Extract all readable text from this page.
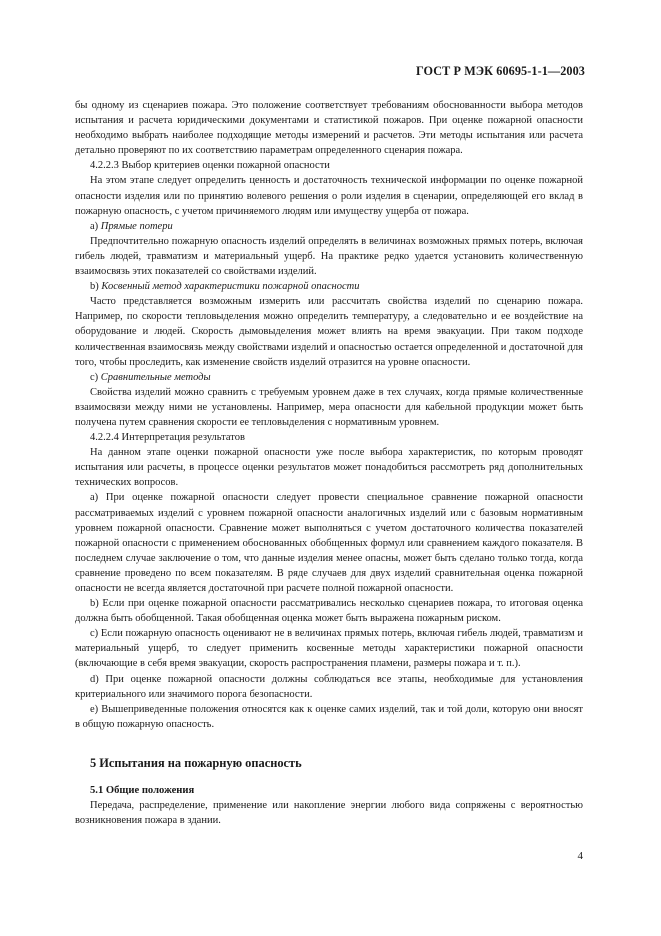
ГОСТ Р МЭК 60695-1-1—2003

бы одному из сценариев пожара. Это положение соответствует требованиям обоснованности выбора методов испытания и расчета юридическими документами и статистикой пожаров. При оценке пожарной опасности необходимо выбрать наиболее подходящие методы измерений и расчетов. Эти методы испытания или расчета детально проверяют по их соответствию параметрам определенного сценария пожара.

4.2.2.3 Выбор критериев оценки пожарной опасности

На этом этапе следует определить ценность и достаточность технической информации по оценке пожарной опасности изделия или по принятию волевого решения о роли изделия в сценарии, определяющей его вклад в пожарную опасность, с учетом причиняемого людям или имуществу ущерба от пожара.

а) Прямые потери

Предпочтительно пожарную опасность изделий определять в величинах возможных прямых потерь, включая гибель людей, травматизм и материальный ущерб. На практике редко удается установить количественную взаимосвязь этих показателей со свойствами изделий.

b) Косвенный метод характеристики пожарной опасности

Часто представляется возможным измерить или рассчитать свойства изделий по сценарию пожара. Например, по скорости тепловыделения можно определить температуру, а следовательно и ее воздействие на оборудование и людей. Скорость дымовыделения может влиять на время эвакуации. При таком подходе количественная взаимосвязь между свойствами изделий и опасностью остается определенной и достаточной для того, чтобы проследить, как изменение свойств изделий отразится на уровне опасности.

с) Сравнительные методы

Свойства изделий можно сравнить с требуемым уровнем даже в тех случаях, когда прямые количественные взаимосвязи между ними не установлены. Например, мера опасности для кабельной продукции может быть получена путем сравнения скорости ее тепловыделения с нормативным уровнем.

4.2.2.4 Интерпретация результатов

На данном этапе оценки пожарной опасности уже после выбора характеристик, по которым проводят испытания или расчеты, в процессе оценки результатов может понадобиться рассмотреть ряд дополнительных технических вопросов.

а) При оценке пожарной опасности следует провести специальное сравнение пожарной опасности рассматриваемых изделий с уровнем пожарной опасности аналогичных изделий или с базовым нормативным уровнем пожарной опасности. Сравнение может выполняться с учетом достаточного количества показателей пожарной опасности с применением обоснованных обобщенных формул или сравнением каждого показателя. В последнем случае заключение о том, что данные изделия менее опасны, может быть сделано только тогда, когда сравнение проведено по всем показателям. В ряде случаев для двух изделий сравнительная оценка пожарной опасности не всегда является достаточной при расчете полной пожарной опасности.

b) Если при оценке пожарной опасности рассматривались несколько сценариев пожара, то итоговая оценка должна быть обобщенной. Такая обобщенная оценка может быть выражена пожарным риском.

с) Если пожарную опасность оценивают не в величинах прямых потерь, включая гибель людей, травматизм и материальный ущерб, то следует применить косвенные методы характеристики пожарной опасности (включающие в себя время эвакуации, скорость распространения пламени, размеры пожара и т. п.).

d) При оценке пожарной опасности должны соблюдаться все этапы, необходимые для установления критериального или значимого порога безопасности.

е) Вышеприведенные положения относятся как к оценке самих изделий, так и той доли, которую они вносят в общую пожарную опасность.

5 Испытания на пожарную опасность

5.1 Общие положения

Передача, распределение, применение или накопление энергии любого вида сопряжены с вероятностью возникновения пожара в здании.

4
